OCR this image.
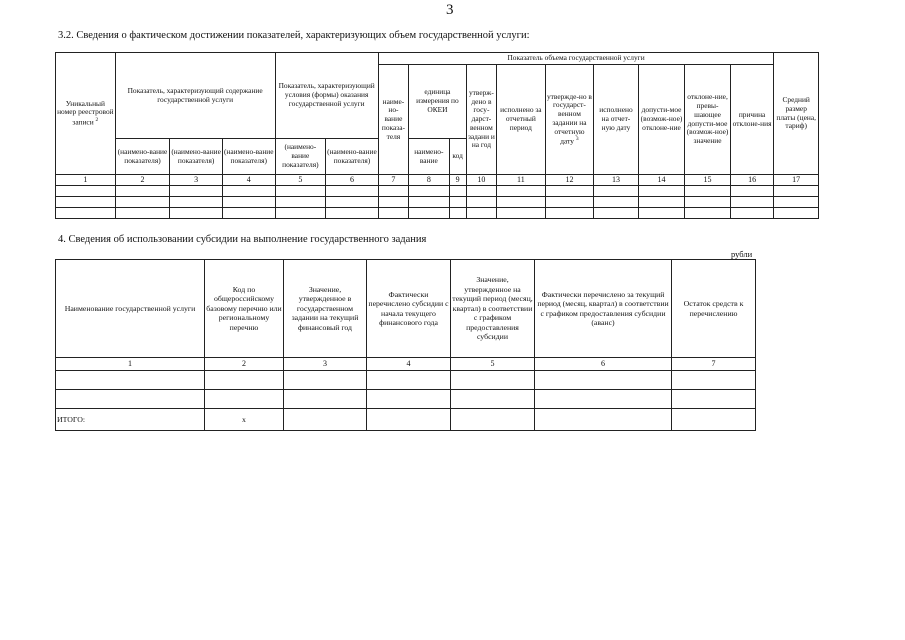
3
3.2. Сведения о фактическом достижении показателей, характеризующих объем государственной услуги:
Уникальный номер реестровой записи $^2$	Показатель, характеризующий содержание государственной услуги			Показатель, характеризующий условия (формы) оказания государственной услуги		Показатель объема государственной услуги										Средний размер платы (цена, тариф)
						наиме-но-вание показа-теля	единица измерения по ОКЕИ		утверж-дено в госу-дарст-венном задани и на год	исполнено за отчетный период	утвержде-но в государст-венном задании на отчетную дату $^3$	исполнено на отчет-ную дату	допусти-мое (возмож-ное) отклоне-ние	отклоне-ние, превы-шающее допусти-мое (возмож-ное) значение	причина отклоне-ния	
	(наимено-вание показателя)	(наимено-вание показателя)	(наимено-вание показателя)	(наимено-вание показателя)	(наимено-вание показателя)		наимено-вание	код								
1	2	3	4	5	6	7	8	9	10	11	12	13	14	15	16	17

4. Сведения об использовании субсидии на выполнение государственного задания
рубли
Наименование государственной услуги	Код по общероссийскому базовому перечню или региональному перечню	Значение, утвержденное в государственном задании на текущий финансовый год	Фактически перечислено субсидии с начала текущего финансового года	Значение, утвержденное на текущий период (месяц, квартал) в соответствии с графиком предоставления субсидии	Фактически перечислено за текущий период (месяц, квартал) в соответствии с графиком предоставления субсидии (аванс)	Остаток средств к перечислению
1	2	3	4	5	6	7

ИТОГО:	х					
